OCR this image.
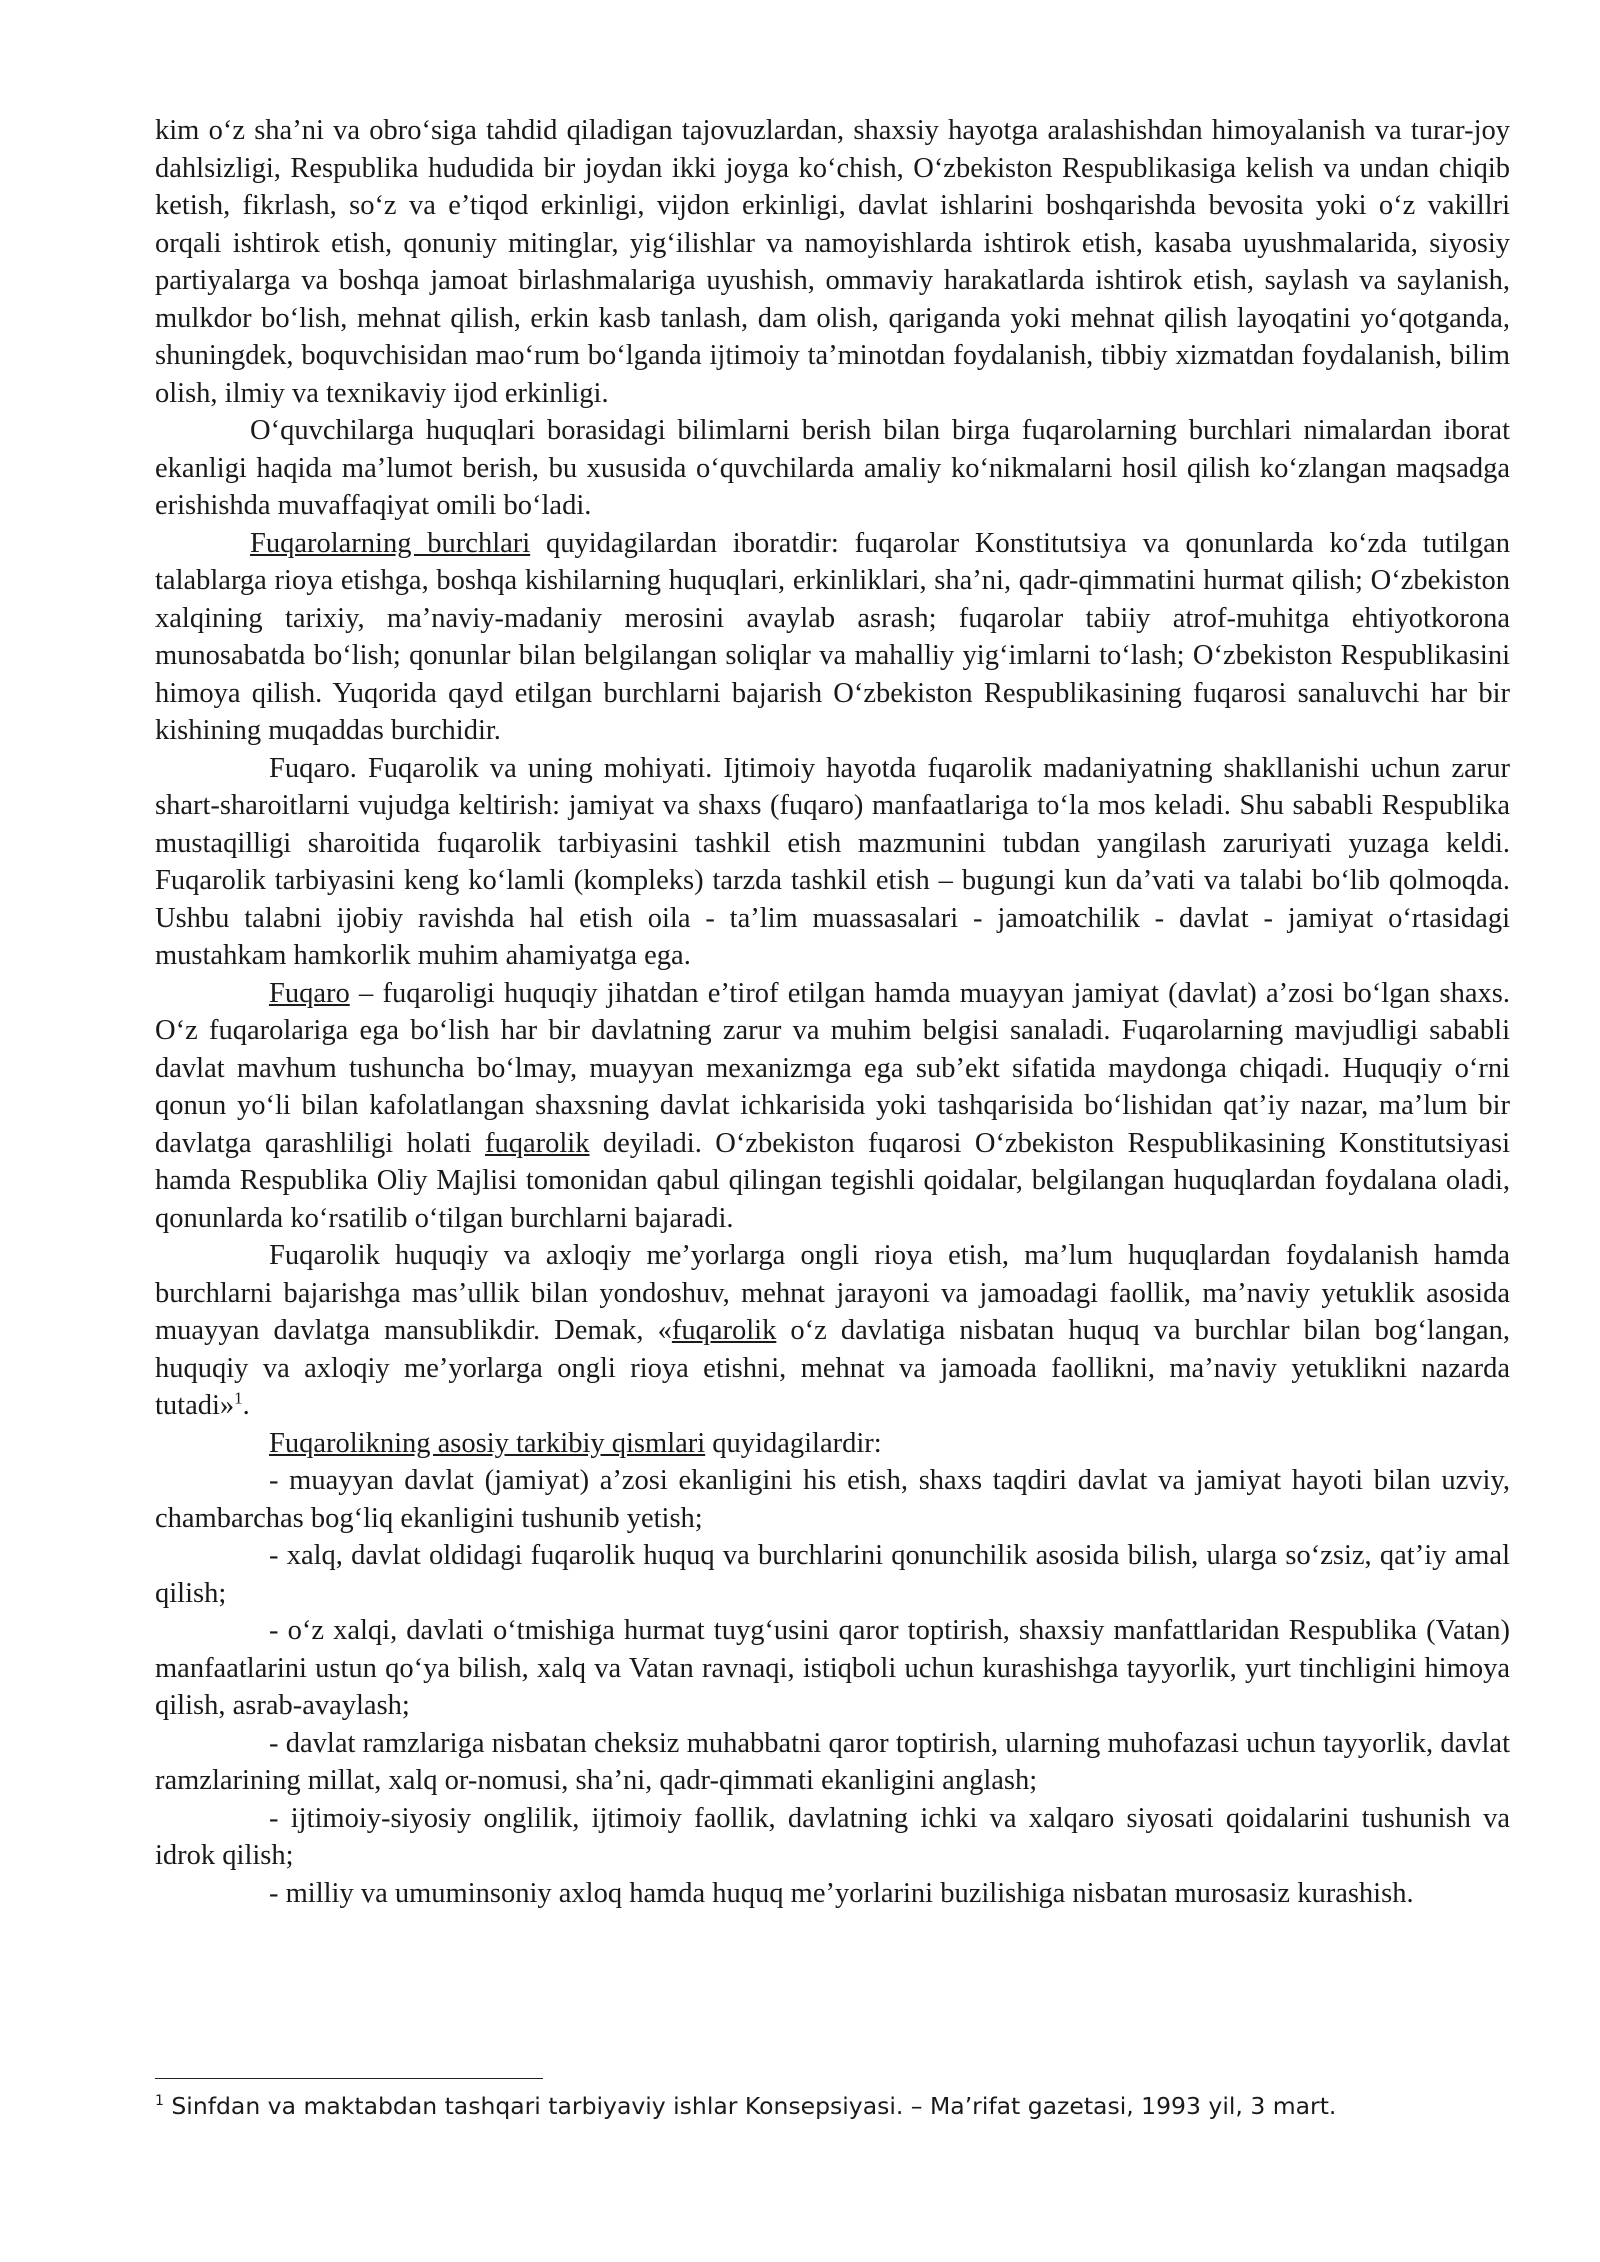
kim o‘z sha’ni va obro‘siga tahdid qiladigan tajovuzlardan, shaxsiy hayotga aralashishdan himoyalanish va turar-joy dahlsizligi, Respublika hududida bir joydan ikki joyga ko‘chish, O‘zbekiston Respublikasiga kelish va undan chiqib ketish, fikrlash, so‘z va e’tiqod erkinligi, vijdon erkinligi, davlat ishlarini boshqarishda bevosita yoki o‘z vakillri orqali ishtirok etish, qonuniy mitinglar, yig‘ilishlar va namoyishlarda ishtirok etish, kasaba uyushmalarida, siyosiy partiyalarga va boshqa jamoat birlashmalariga uyushish, ommaviy harakatlarda ishtirok etish, saylash va saylanish, mulkdor bo‘lish, mehnat qilish, erkin kasb tanlash, dam olish, qariganda yoki mehnat qilish layoqatini yo‘qotganda, shuningdek, boquvchisidan mao‘rum bo‘lganda ijtimoiy ta’minotdan foydalanish, tibbiy xizmatdan foydalanish, bilim olish, ilmiy va texnikaviy ijod erkinligi.

O‘quvchilarga huquqlari borasidagi bilimlarni berish bilan birga fuqarolarning burchlari nimalardan iborat ekanligi haqida ma’lumot berish, bu xususida o‘quvchilarda amaliy ko‘nikmalarni hosil qilish ko‘zlangan maqsadga erishishda muvaffaqiyat omili bo‘ladi.

Fuqarolarning burchlari quyidagilardan iboratdir: fuqarolar Konstitutsiya va qonunlarda ko‘zda tutilgan talablarga rioya etishga, boshqa kishilarning huquqlari, erkinliklari, sha’ni, qadr-qimmatini hurmat qilish; O‘zbekiston xalqining tarixiy, ma’naviy-madaniy merosini avaylab asrash; fuqarolar tabiiy atrof-muhitga ehtiyotkorona munosabatda bo‘lish; qonunlar bilan belgilangan soliqlar va mahalliy yig‘imlarni to‘lash; O‘zbekiston Respublikasini himoya qilish. Yuqorida qayd etilgan burchlarni bajarish O‘zbekiston Respublikasining fuqarosi sanaluvchi har bir kishining muqaddas burchidir.

Fuqaro. Fuqarolik va uning mohiyati. Ijtimoiy hayotda fuqarolik madaniyatning shakllanishi uchun zarur shart-sharoitlarni vujudga keltirish: jamiyat va shaxs (fuqaro) manfaatlariga to‘la mos keladi. Shu sababli Respublika mustaqilligi sharoitida fuqarolik tarbiyasini tashkil etish mazmunini tubdan yangilash zaruriyati yuzaga keldi. Fuqarolik tarbiyasini keng ko‘lamli (kompleks) tarzda tashkil etish – bugungi kun da’vati va talabi bo‘lib qolmoqda. Ushbu talabni ijobiy ravishda hal etish oila - ta’lim muassasalari - jamoatchilik - davlat - jamiyat o‘rtasidagi mustahkam hamkorlik muhim ahamiyatga ega.

Fuqaro – fuqaroligi huquqiy jihatdan e’tirof etilgan hamda muayyan jamiyat (davlat) a’zosi bo‘lgan shaxs. O‘z fuqarolariga ega bo‘lish har bir davlatning zarur va muhim belgisi sanaladi. Fuqarolarning mavjudligi sababli davlat mavhum tushuncha bo‘lmay, muayyan mexanizmga ega sub’ekt sifatida maydonga chiqadi. Huquqiy o‘rni qonun yo‘li bilan kafolatlangan shaxsning davlat ichkarisida yoki tashqarisida bo‘lishidan qat’iy nazar, ma’lum bir davlatga qarashliligi holati fuqarolik deyiladi. O‘zbekiston fuqarosi O‘zbekiston Respublikasining Konstitutsiyasi hamda Respublika Oliy Majlisi tomonidan qabul qilingan tegishli qoidalar, belgilangan huquqlardan foydalana oladi, qonunlarda ko‘rsatilib o‘tilgan burchlarni bajaradi.

Fuqarolik huquqiy va axloqiy me’yorlarga ongli rioya etish, ma’lum huquqlardan foydalanish hamda burchlarni bajarishga mas’ullik bilan yondoshuv, mehnat jarayoni va jamoadagi faollik, ma’naviy yetuklik asosida muayyan davlatga mansublikdir. Demak, «fuqarolik o‘z davlatiga nisbatan huquq va burchlar bilan bog‘langan, huquqiy va axloqiy me’yorlarga ongli rioya etishni, mehnat va jamoada faollikni, ma’naviy yetuklikni nazarda tutadi»$^1$.

Fuqarolikning asosiy tarkibiy qismlari quyidagilardir:

- muayyan davlat (jamiyat) a’zosi ekanligini his etish, shaxs taqdiri davlat va jamiyat hayoti bilan uzviy, chambarchas bog‘liq ekanligini tushunib yetish;

- xalq, davlat oldidagi fuqarolik huquq va burchlarini qonunchilik asosida bilish, ularga so‘zsiz, qat’iy amal qilish;

- o‘z xalqi, davlati o‘tmishiga hurmat tuyg‘usini qaror toptirish, shaxsiy manfattlaridan Respublika (Vatan) manfaatlarini ustun qo‘ya bilish, xalq va Vatan ravnaqi, istiqboli uchun kurashishga tayyorlik, yurt tinchligini himoya qilish, asrab-avaylash;

- davlat ramzlariga nisbatan cheksiz muhabbatni qaror toptirish, ularning muhofazasi uchun tayyorlik, davlat ramzlarining millat, xalq or-nomusi, sha’ni, qadr-qimmati ekanligini anglash;

- ijtimoiy-siyosiy onglilik, ijtimoiy faollik, davlatning ichki va xalqaro siyosati qoidalarini tushunish va idrok qilish;

- milliy va umuminsoniy axloq hamda huquq me’yorlarini buzilishiga nisbatan murosasiz kurashish.

$^1$ Sinfdan va maktabdan tashqari tarbiyaviy ishlar Konsepsiyasi. – Ma’rifat gazetasi, 1993 yil, 3 mart.
